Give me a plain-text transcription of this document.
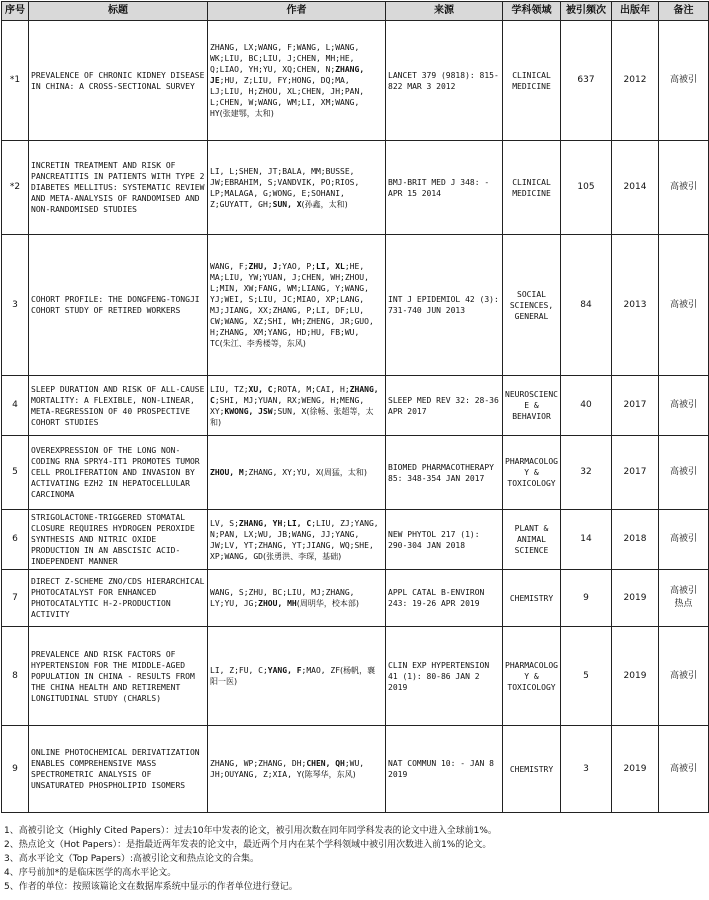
序号	标题	作者	来源	学科领域	被引频次	出版年	备注
*1	PREVALENCE OF CHRONIC KIDNEY DISEASE IN CHINA: A CROSS-SECTIONAL SURVEY	ZHANG, LX;WANG, F;WANG, L;WANG, WK;LIU, BC;LIU, J;CHEN, MH;HE, Q;LIAO, YH;YU, XQ;CHEN, N;ZHANG, JE;HU, Z;LIU, FY;HONG, DQ;MA, LJ;LIU, H;ZHOU, XL;CHEN, JH;PAN, L;CHEN, W;WANG, WM;LI, XM;WANG, HY(张建鄂，太和)	LANCET 379 (9818): 815-822 MAR 3 2012	CLINICAL MEDICINE	637	2012	高被引

*2	INCRETIN TREATMENT AND RISK OF PANCREATITIS IN PATIENTS WITH TYPE 2 DIABETES MELLITUS: SYSTEMATIC REVIEW AND META-ANALYSIS OF RANDOMISED AND NON-RANDOMISED STUDIES	LI, L;SHEN, JT;BALA, MM;BUSSE, JW;EBRAHIM, S;VANDVIK, PO;RIOS, LP;MALAGA, G;WONG, E;SOHANI, Z;GUYATT, GH;SUN, X(孙鑫，太和)	BMJ-BRIT MED J 348: - APR 15 2014	CLINICAL MEDICINE	105	2014	高被引

3	COHORT PROFILE: THE DONGFENG-TONGJI COHORT STUDY OF RETIRED WORKERS	WANG, F;ZHU, J;YAO, P;LI, XL;HE, MA;LIU, YW;YUAN, J;CHEN, WH;ZHOU, L;MIN, XW;FANG, WM;LIANG, Y;WANG, YJ;WEI, S;LIU, JC;MIAO, XP;LANG, MJ;JIANG, XX;ZHANG, P;LI, DF;LU, CW;WANG, XZ;SHI, WH;ZHENG, JR;GUO, H;ZHANG, XM;YANG, HD;HU, FB;WU, TC(朱江、李秀楼等，东风)	INT J EPIDEMIOL 42 (3): 731-740 JUN 2013	SOCIAL SCIENCES, GENERAL	84	2013	高被引

4	SLEEP DURATION AND RISK OF ALL-CAUSE MORTALITY: A FLEXIBLE, NON-LINEAR, META-REGRESSION OF 40 PROSPECTIVE COHORT STUDIES	LIU, TZ;XU, C;ROTA, M;CAI, H;ZHANG, C;SHI, MJ;YUAN, RX;WENG, H;MENG, XY;KWONG, JSW;SUN, X(徐畅、张超等，太和)	SLEEP MED REV 32: 28-36 APR 2017	NEUROSCIENCE & BEHAVIOR	40	2017	高被引

5	OVEREXPRESSION OF THE LONG NON-CODING RNA SPRY4-IT1 PROMOTES TUMOR CELL PROLIFERATION AND INVASION BY ACTIVATING EZH2 IN HEPATOCELLULAR CARCINOMA	ZHOU, M;ZHANG, XY;YU, X(周猛，太和)	BIOMED PHARMACOTHERAPY 85: 348-354 JAN 2017	PHARMACOLOGY & TOXICOLOGY	32	2017	高被引

6	STRIGOLACTONE-TRIGGERED STOMATAL CLOSURE REQUIRES HYDROGEN PEROXIDE SYNTHESIS AND NITRIC OXIDE PRODUCTION IN AN ABSCISIC ACID-INDEPENDENT MANNER	LV, S;ZHANG, YH;LI, C;LIU, ZJ;YANG, N;PAN, LX;WU, JB;WANG, JJ;YANG, JW;LV, YT;ZHANG, YT;JIANG, WQ;SHE, XP;WANG, GD(张勇洪、李琛，基础)	NEW PHYTOL 217 (1): 290-304 JAN 2018	PLANT & ANIMAL SCIENCE	14	2018	高被引

7	DIRECT Z-SCHEME ZNO/CDS HIERARCHICAL PHOTOCATALYST FOR ENHANCED PHOTOCATALYTIC H-2-PRODUCTION ACTIVITY	WANG, S;ZHU, BC;LIU, MJ;ZHANG, LY;YU, JG;ZHOU, MH(周明华，校本部)	APPL CATAL B-ENVIRON 243: 19-26 APR 2019	CHEMISTRY	9	2019	高被引
热点

8	PREVALENCE AND RISK FACTORS OF HYPERTENSION FOR THE MIDDLE-AGED POPULATION IN CHINA - RESULTS FROM THE CHINA HEALTH AND RETIREMENT LONGITUDINAL STUDY (CHARLS)	LI, Z;FU, C;YANG, F;MAO, ZF(杨帆，襄阳一医)	CLIN EXP HYPERTENSION 41 (1): 80-86 JAN 2 2019	PHARMACOLOGY & TOXICOLOGY	5	2019	高被引

9	ONLINE PHOTOCHEMICAL DERIVATIZATION ENABLES COMPREHENSIVE MASS SPECTROMETRIC ANALYSIS OF UNSATURATED PHOSPHOLIPID ISOMERS	ZHANG, WP;ZHANG, DH;CHEN, QH;WU, JH;OUYANG, Z;XIA, Y(陈琴华，东风)	NAT COMMUN 10: - JAN 8 2019	CHEMISTRY	3	2019	高被引
1、高被引论文（Highly Cited Papers）：过去10年中发表的论文，被引用次数在同年同学科发表的论文中进入全球前1%。
2、热点论文（Hot Papers）：是指最近两年发表的论文中，最近两个月内在某个学科领域中被引用次数进入前1%的论文。
3、高水平论文（Top Papers）:高被引论文和热点论文的合集。
4、序号前加*的是临床医学的高水平论文。
5、作者的单位：按照该篇论文在数据库系统中显示的作者单位进行登记。
